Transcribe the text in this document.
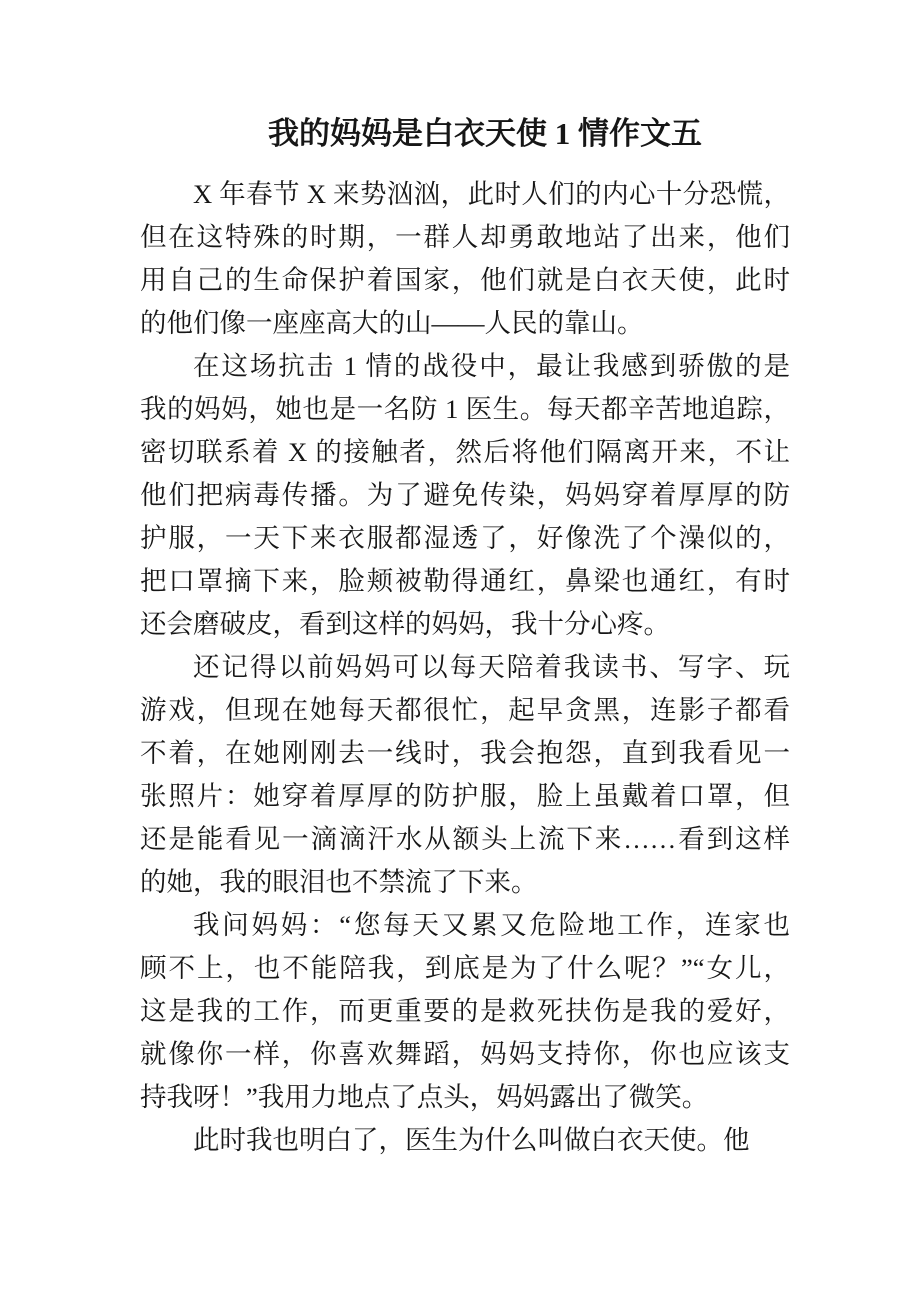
我的妈妈是白衣天使 1 情作文五
X 年春节 X 来势汹汹，此时人们的内心十分恐慌，
但在这特殊的时期，一群人却勇敢地站了出来，他们
用自己的生命保护着国家，他们就是白衣天使，此时
的他们像一座座高大的山——人民的靠山。
在这场抗击 1 情的战役中，最让我感到骄傲的是
我的妈妈，她也是一名防 1 医生。每天都辛苦地追踪，
密切联系着 X 的接触者，然后将他们隔离开来，不让
他们把病毒传播。为了避免传染，妈妈穿着厚厚的防
护服，一天下来衣服都湿透了，好像洗了个澡似的，
把口罩摘下来，脸颊被勒得通红，鼻梁也通红，有时
还会磨破皮，看到这样的妈妈，我十分心疼。
还记得以前妈妈可以每天陪着我读书、写字、玩
游戏，但现在她每天都很忙，起早贪黑，连影子都看
不着，在她刚刚去一线时，我会抱怨，直到我看见一
张照片：她穿着厚厚的防护服，脸上虽戴着口罩，但
还是能看见一滴滴汗水从额头上流下来……看到这样
的她，我的眼泪也不禁流了下来。
我问妈妈：“您每天又累又危险地工作，连家也
顾不上，也不能陪我，到底是为了什么呢？”“女儿，
这是我的工作，而更重要的是救死扶伤是我的爱好，
就像你一样，你喜欢舞蹈，妈妈支持你，你也应该支
持我呀！”我用力地点了点头，妈妈露出了微笑。
此时我也明白了，医生为什么叫做白衣天使。他
